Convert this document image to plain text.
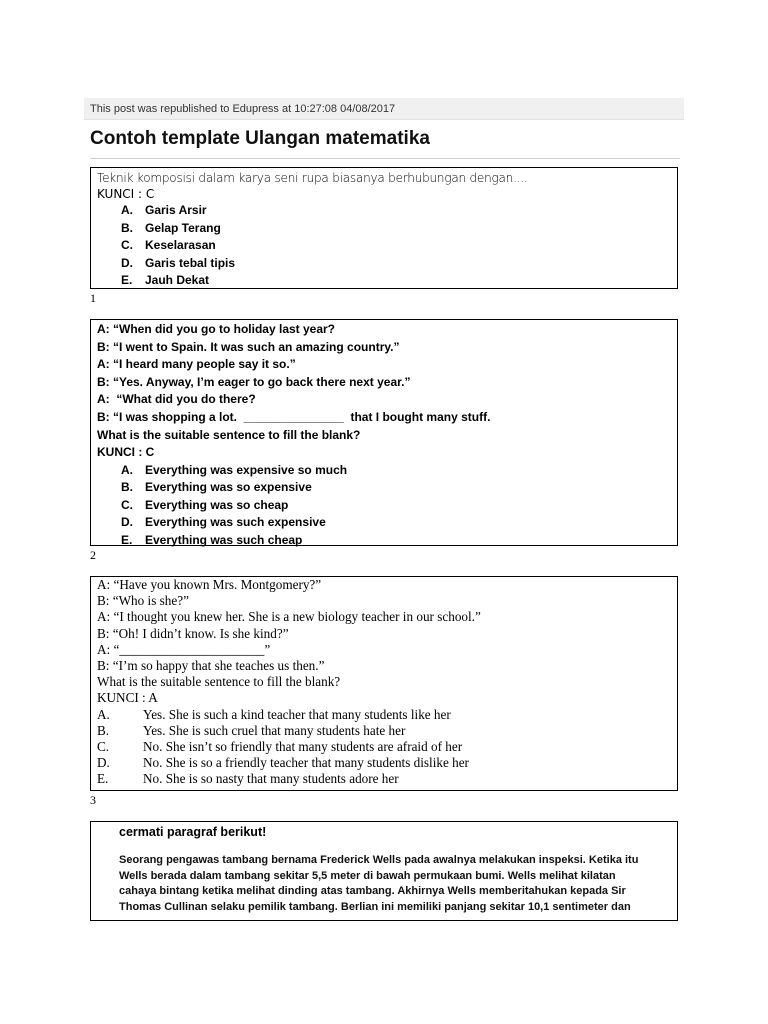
This post was republished to Edupress at 10:27:08 04/08/2017
Contoh template Ulangan matematika
Teknik komposisi dalam karya seni rupa biasanya berhubungan dengan....
KUNCI : C
A.	Garis Arsir
B.	Gelap Terang
C.	Keselarasan
D.	Garis tebal tipis
E.	Jauh Dekat
1
A: “When did you go to holiday last year?
B: “I went to Spain. It was such an amazing country.”
A: “I heard many people say it so.”
B: “Yes. Anyway, I’m eager to go back there next year.”
A:  “What did you do there?
B: “I was shopping a lot.  _______________  that I bought many stuff.
What is the suitable sentence to fill the blank?
KUNCI : C
A.	Everything was expensive so much
B.	Everything was so expensive
C.	Everything was so cheap
D.	Everything was such expensive
E.	Everything was such cheap
2
A: “Have you known Mrs. Montgomery?”
B: “Who is she?”
A: “I thought you knew her. She is a new biology teacher in our school.”
B: “Oh! I didn’t know. Is she kind?”
A: “______________________”
B: “I’m so happy that she teaches us then.”
What is the suitable sentence to fill the blank?
KUNCI : A
A.	Yes. She is such a kind teacher that many students like her
B.	Yes. She is such cruel that many students hate her
C.	No. She isn’t so friendly that many students are afraid of her
D.	No. She is so a friendly teacher that many students dislike her
E.	No. She is so nasty that many students adore her
3
cermati paragraf berikut!
Seorang pengawas tambang bernama Frederick Wells pada awalnya melakukan inspeksi. Ketika itu Wells berada dalam tambang sekitar 5,5 meter di bawah permukaan bumi. Wells melihat kilatan cahaya bintang ketika melihat dinding atas tambang. Akhirnya Wells memberitahukan kepada Sir Thomas Cullinan selaku pemilik tambang. Berlian ini memiliki panjang sekitar 10,1 sentimeter dan
